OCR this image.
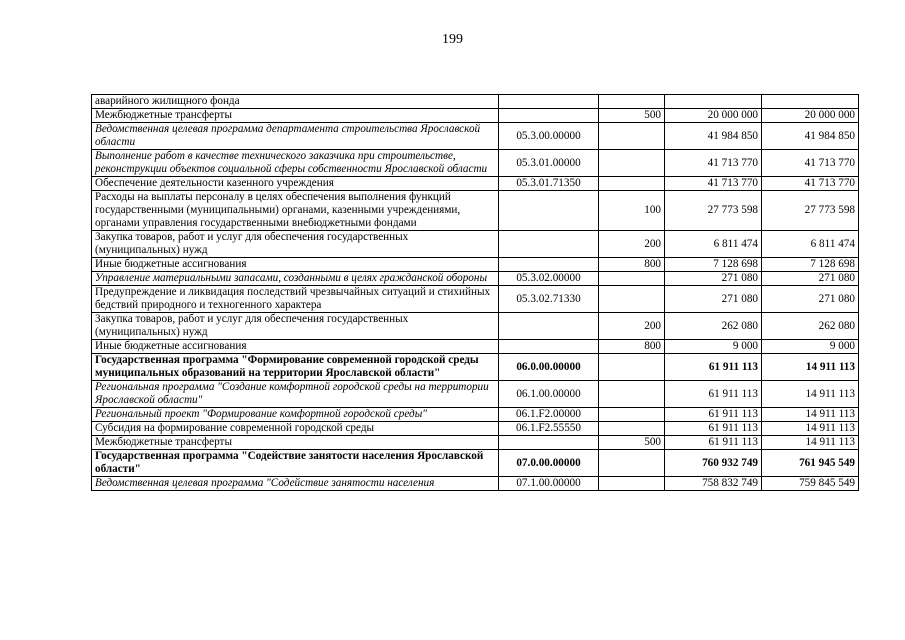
199
аварийного жилищного фонда				
Межбюджетные трансферты		500	20 000 000	20 000 000
Ведомственная целевая программа департамента строительства Ярославской области	05.3.00.00000		41 984 850	41 984 850
Выполнение работ в качестве технического заказчика при строительстве, реконструкции объектов социальной сферы собственности Ярославской области	05.3.01.00000		41 713 770	41 713 770
Обеспечение деятельности казенного учреждения	05.3.01.71350		41 713 770	41 713 770
Расходы на выплаты персоналу в целях обеспечения выполнения функций государственными (муниципальными) органами, казенными учреждениями, органами управления государственными внебюджетными фондами		100	27 773 598	27 773 598
Закупка товаров, работ и услуг для обеспечения государственных (муниципальных) нужд		200	6 811 474	6 811 474
Иные бюджетные ассигнования		800	7 128 698	7 128 698
Управление материальными запасами, созданными в целях гражданской обороны	05.3.02.00000		271 080	271 080
Предупреждение и ликвидация последствий чрезвычайных ситуаций и стихийных бедствий природного и техногенного характера	05.3.02.71330		271 080	271 080
Закупка товаров, работ и услуг для обеспечения государственных (муниципальных) нужд		200	262 080	262 080
Иные бюджетные ассигнования		800	9 000	9 000
Государственная программа "Формирование современной городской среды муниципальных образований на территории Ярославской области"	06.0.00.00000		61 911 113	14 911 113
Региональная программа "Создание комфортной городской среды на территории Ярославской области"	06.1.00.00000		61 911 113	14 911 113
Региональный проект "Формирование комфортной городской среды"	06.1.F2.00000		61 911 113	14 911 113
Субсидия на формирование современной городской среды	06.1.F2.55550		61 911 113	14 911 113
Межбюджетные трансферты		500	61 911 113	14 911 113
Государственная программа "Содействие занятости населения Ярославской области"	07.0.00.00000		760 932 749	761 945 549
Ведомственная целевая программа "Содействие занятости населения	07.1.00.00000		758 832 749	759 845 549
